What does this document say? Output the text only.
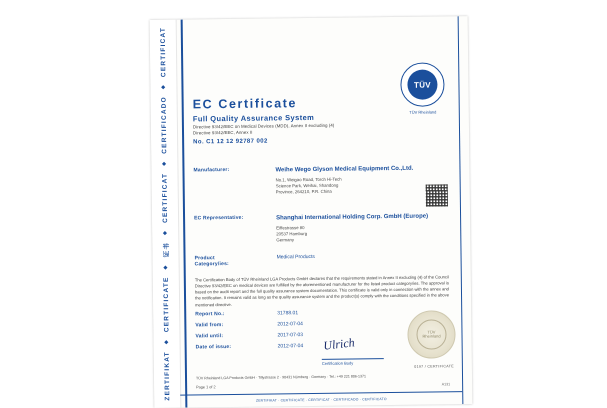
ZERTIFIKAT
◆
CERTIFICATE
◆
证书
◆
CERTIFICAT
◆
CERTIFICADO
◆
CERTIFICAT
TÜV
TÜV Rheinland
EC Certificate
Full Quality Assurance System
Directive 93/42/EEC on Medical Devices (MDD), Annex II excluding (4)
Directive 93/42/EEC, Annex II
No. C1 12 12 92787 002
Manufacturer:	Weihe Wego Glyson Medical Equipment Co.,Ltd.
No.1, Weigao Road, Torch Hi-Tech
Science Park, Weihai, Shandong
Province, 264210, P.R. China
EC Representative:	Shanghai International Holding Corp. GmbH (Europe)
Eiffestrasse 80
20537 Hamburg
Germany
Product
Category/ies:
Medical Products
The Certification Body of TÜV Rheinland LGA Products GmbH declares that the requirements stated in Annex II excluding (4) of the Council Directive 93/42/EEC on medical devices are fulfilled by the aforementioned manufacturer for the listed product category/ies. The approval is based on the audit report and the full quality assurance system documentation. This certificate is valid only in connection with the annex and the notification. It remains valid as long as the quality assurance system and the product(s) comply with the conditions specified in the above mentioned directive.
Report No.:	31788.01
Valid from:	2012-07-04
Valid until:	2017-07-03
Date of issue:	2012-07-04	Ulrich
Certification Body
TÜV
Rheinland
0197 / CERTIFICATE
TÜV Rheinland LGA Products GmbH · Tillystrasse 2 · 90431 Nürnberg · Germany · Tel.: +49 221 806-1371
Page 1 of 2
A131
ZERTIFIKAT · CERTIFICATE · CERTIFICAT · CERTIFICADO · CERTIFICATO
